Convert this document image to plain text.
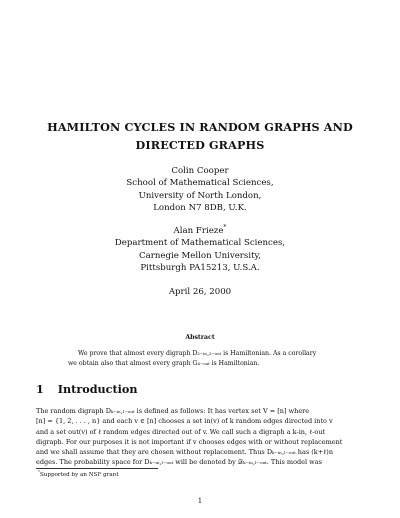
HAMILTON CYCLES IN RANDOM GRAPHS AND
DIRECTED GRAPHS
Colin Cooper
School of Mathematical Sciences,
University of North London,
London N7 8DB, U.K.
Alan Frieze*
Department of Mathematical Sciences,
Carnegie Mellon University,
Pittsburgh PA15213, U.S.A.
April 26, 2000
Abstract
We prove that almost every digraph D₂₋ᵢₙ,₂₋ₒᵤₜ is Hamiltonian. As a corollary
we obtain also that almost every graph G₄₋ₒᵤₜ is Hamiltonian.
1 Introduction
The random digraph Dₖ₋ᵢₙ,ₗ₋ₒᵤₜ is defined as follows: It has vertex set V = [n] where
[n] = {1, 2, . . . , n} and each v ∈ [n] chooses a set in(v) of k random edges directed into v
and a set out(v) of ℓ random edges directed out of v. We call such a digraph a k-in, ℓ-out
digraph. For our purposes it is not important if v chooses edges with or without replacement
and we shall assume that they are chosen without replacement. Thus Dₖ₋ᵢₙ,ₗ₋ₒᵤₜ has (k+ℓ)n
edges. The probability space for Dₖ₋ᵢₙ,ₗ₋ₒᵤₜ will be denoted by 𝒟ₖ₋ᵢₙ,ₗ₋ₒᵤₜ. This model was
*Supported by an NSF grant
1
